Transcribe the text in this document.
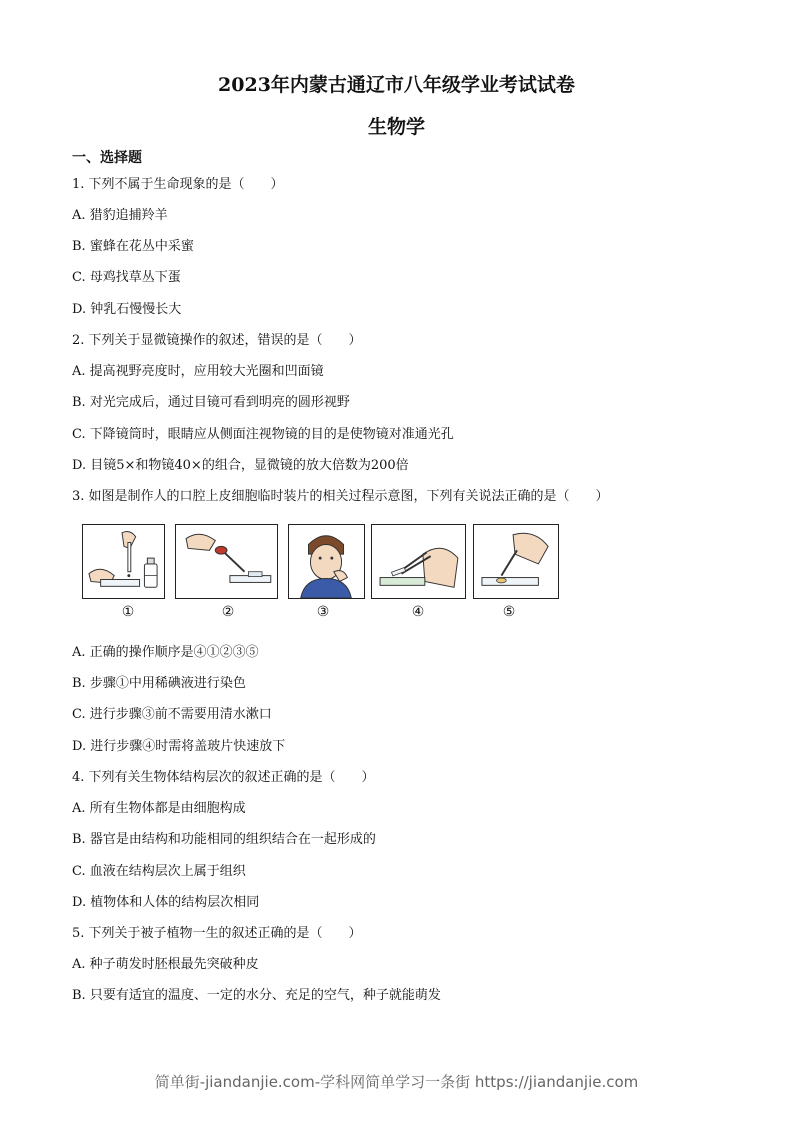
2023年内蒙古通辽市八年级学业考试试卷
生物学
一、选择题
1. 下列不属于生命现象的是（　　）
A. 猎豹追捕羚羊
B. 蜜蜂在花丛中采蜜
C. 母鸡找草丛下蛋
D. 钟乳石慢慢长大
2. 下列关于显微镜操作的叙述，错误的是（　　）
A. 提高视野亮度时，应用较大光圈和凹面镜
B. 对光完成后，通过目镜可看到明亮的圆形视野
C. 下降镜筒时，眼睛应从侧面注视物镜的目的是使物镜对准通光孔
D. 目镜5×和物镜40×的组合，显微镜的放大倍数为200倍
3. 如图是制作人的口腔上皮细胞临时装片的相关过程示意图，下列有关说法正确的是（　　）
①	②	③	④	⑤
A. 正确的操作顺序是④①②③⑤
B. 步骤①中用稀碘液进行染色
C. 进行步骤③前不需要用清水漱口
D. 进行步骤④时需将盖玻片快速放下
4. 下列有关生物体结构层次的叙述正确的是（　　）
A. 所有生物体都是由细胞构成
B. 器官是由结构和功能相同的组织结合在一起形成的
C. 血液在结构层次上属于组织
D. 植物体和人体的结构层次相同
5. 下列关于被子植物一生的叙述正确的是（　　）
A. 种子萌发时胚根最先突破种皮
B. 只要有适宜的温度、一定的水分、充足的空气，种子就能萌发
简单街-jiandanjie.com-学科网简单学习一条街 https://jiandanjie.com
